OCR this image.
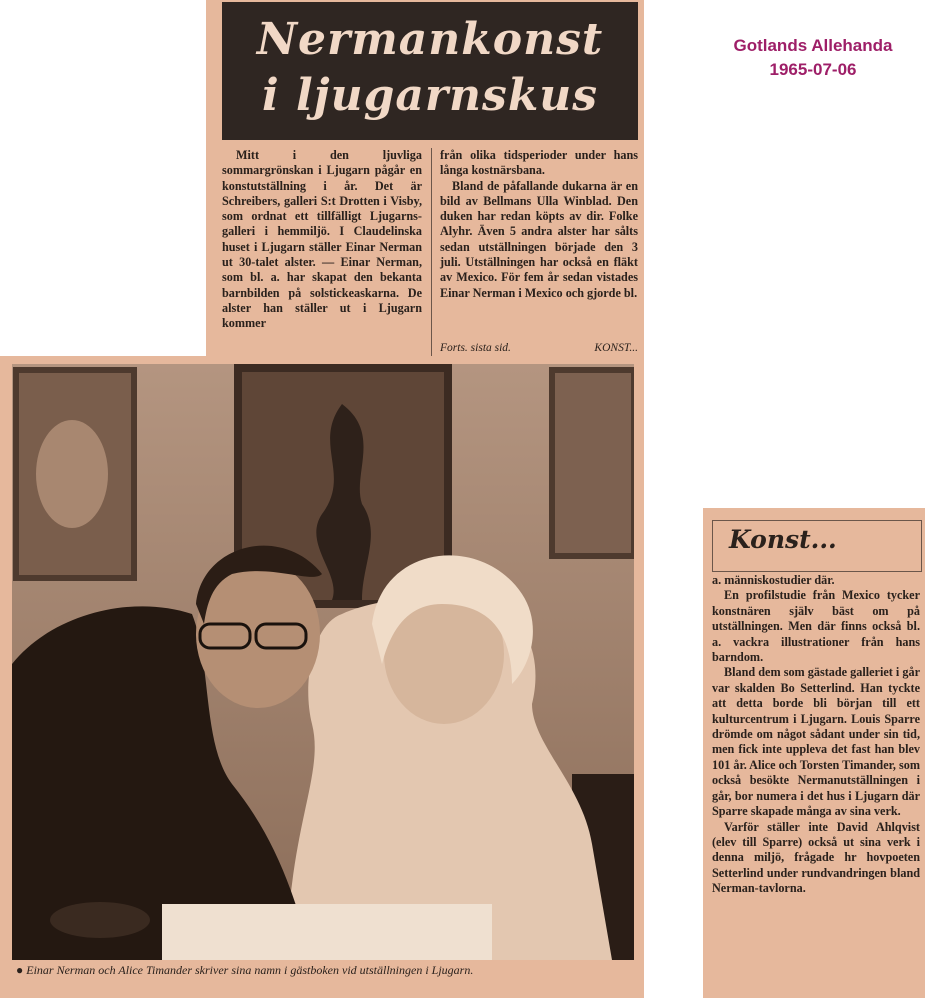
Gotlands Allehanda
1965-07-06
Nermankonst
i ljugarnskus
Mitt i den ljuvliga sommargrönskan i Ljugarn pågår en konstutställning i år. Det är Schreibers, galleri S:t Drotten i Visby, som ordnat ett tillfälligt Ljugarns-galleri i hemmiljö. I Claudelinska huset i Ljugarn ställer Einar Nerman ut 30-talet alster. — Einar Nerman, som bl. a. har skapat den bekanta barnbilden på solstickeaskarna. De alster han ställer ut i Ljugarn kommer
från olika tidsperioder under hans långa kostnärsbana.
Bland de påfallande dukarna är en bild av Bellmans Ulla Winblad. Den duken har redan köpts av dir. Folke Alyhr. Även 5 andra alster har sålts sedan utställningen började den 3 juli. Utställningen har också en fläkt av Mexico. För fem år sedan vistades Einar Nerman i Mexico och gjorde bl.
Forts. sista sid.	KONST...
● Einar Nerman och Alice Timander skriver sina namn i gästboken vid utställningen i Ljugarn.
Konst...
a. människostudier där.
En profilstudie från Mexico tycker konstnären själv bäst om på utställningen. Men där finns också bl. a. vackra illustrationer från hans barndom.
Bland dem som gästade galleriet i går var skalden Bo Setterlind. Han tyckte att detta borde bli början till ett kulturcentrum i Ljugarn. Louis Sparre drömde om något sådant under sin tid, men fick inte uppleva det fast han blev 101 år. Alice och Torsten Timander, som också besökte Nermanutställningen i går, bor numera i det hus i Ljugarn där Sparre skapade många av sina verk.
Varför ställer inte David Ahlqvist (elev till Sparre) också ut sina verk i denna miljö, frågade hr hovpoeten Setterlind under rundvandringen bland Nerman-tavlorna.
